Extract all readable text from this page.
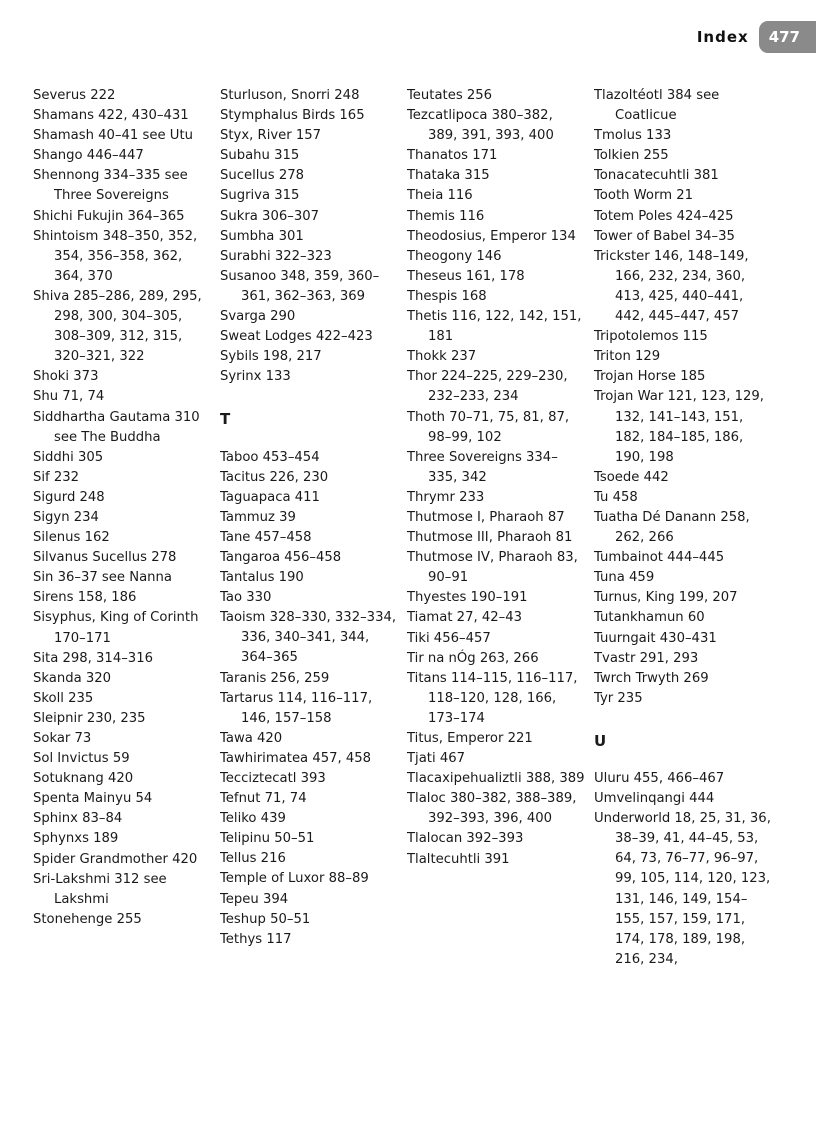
Index	477

Severus 222

Shamans 422, 430–431

Shamash 40–41 see Utu

Shango 446–447

Shennong 334–335 see Three Sovereigns

Shichi Fukujin 364–365

Shintoism 348–350, 352, 354, 356–358, 362, 364, 370

Shiva 285–286, 289, 295, 298, 300, 304–305, 308–309, 312, 315, 320–321, 322

Shoki 373

Shu 71, 74

Siddhartha Gautama 310 see The Buddha

Siddhi 305

Sif 232

Sigurd 248

Sigyn 234

Silenus 162

Silvanus Sucellus 278

Sin 36–37 see Nanna

Sirens 158, 186

Sisyphus, King of Corinth 170–171

Sita 298, 314–316

Skanda 320

Skoll 235

Sleipnir 230, 235

Sokar 73

Sol Invictus 59

Sotuknang 420

Spenta Mainyu 54

Sphinx 83–84

Sphynxs 189

Spider Grandmother 420

Sri-Lakshmi 312 see Lakshmi

Stonehenge 255

Sturluson, Snorri 248

Stymphalus Birds 165

Styx, River 157

Subahu 315

Sucellus 278

Sugriva 315

Sukra 306–307

Sumbha 301

Surabhi 322–323

Susanoo 348, 359, 360–361, 362–363, 369

Svarga 290

Sweat Lodges 422–423

Sybils 198, 217

Syrinx 133

T

Taboo 453–454

Tacitus 226, 230

Taguapaca 411

Tammuz 39

Tane 457–458

Tangaroa 456–458

Tantalus 190

Tao 330

Taoism 328–330, 332–334, 336, 340–341, 344, 364–365

Taranis 256, 259

Tartarus 114, 116–117, 146, 157–158

Tawa 420

Tawhirimatea 457, 458

Tecciztecatl 393

Tefnut 71, 74

Teliko 439

Telipinu 50–51

Tellus 216

Temple of Luxor 88–89

Tepeu 394

Teshup 50–51

Tethys 117

Teutates 256

Tezcatlipoca 380–382, 389, 391, 393, 400

Thanatos 171

Thataka 315

Theia 116

Themis 116

Theodosius, Emperor 134

Theogony 146

Theseus 161, 178

Thespis 168

Thetis 116, 122, 142, 151, 181

Thokk 237

Thor 224–225, 229–230, 232–233, 234

Thoth 70–71, 75, 81, 87, 98–99, 102

Three Sovereigns 334–335, 342

Thrymr 233

Thutmose I, Pharaoh 87

Thutmose III, Pharaoh 81

Thutmose IV, Pharaoh 83, 90–91

Thyestes 190–191

Tiamat 27, 42–43

Tiki 456–457

Tir na nÓg 263, 266

Titans 114–115, 116–117, 118–120, 128, 166, 173–174

Titus, Emperor 221

Tjati 467

Tlacaxipehualiztli 388, 389

Tlaloc 380–382, 388–389, 392–393, 396, 400

Tlalocan 392–393

Tlaltecuhtli 391

Tlazoltéotl 384 see Coatlicue

Tmolus 133

Tolkien 255

Tonacatecuhtli 381

Tooth Worm 21

Totem Poles 424–425

Tower of Babel 34–35

Trickster 146, 148–149, 166, 232, 234, 360, 413, 425, 440–441, 442, 445–447, 457

Tripotolemos 115

Triton 129

Trojan Horse 185

Trojan War 121, 123, 129, 132, 141–143, 151, 182, 184–185, 186, 190, 198

Tsoede 442

Tu 458

Tuatha Dé Danann 258, 262, 266

Tumbainot 444–445

Tuna 459

Turnus, King 199, 207

Tutankhamun 60

Tuurngait 430–431

Tvastr 291, 293

Twrch Trwyth 269

Tyr 235

U

Uluru 455, 466–467

Umvelinqangi 444

Underworld 18, 25, 31, 36, 38–39, 41, 44–45, 53, 64, 73, 76–77, 96–97, 99, 105, 114, 120, 123, 131, 146, 149, 154–155, 157, 159, 171, 174, 178, 189, 198, 216, 234,
